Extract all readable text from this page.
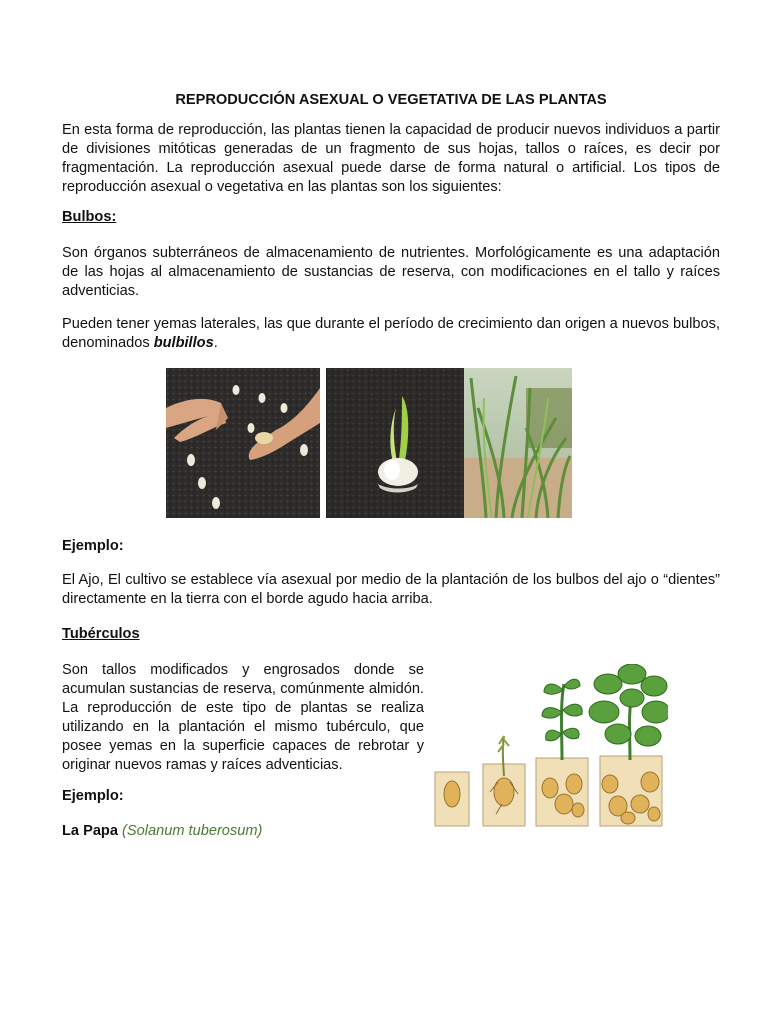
REPRODUCCIÓN ASEXUAL O VEGETATIVA DE LAS PLANTAS

En esta forma de reproducción, las plantas tienen la capacidad de producir nuevos individuos a partir de divisiones mitóticas generadas de un fragmento de sus hojas, tallos o raíces, es decir por fragmentación. La reproducción asexual puede darse de forma natural o artificial. Los tipos de reproducción asexual o vegetativa en las plantas son los siguientes:

Bulbos:

Son órganos subterráneos de almacenamiento de nutrientes. Morfológicamente es una adaptación de las hojas al almacenamiento de sustancias de reserva, con modificaciones en el tallo y raíces adventicias.

Pueden tener yemas laterales, las que durante el período de crecimiento dan origen a nuevos bulbos, denominados bulbillos.

Ejemplo:

El Ajo, El cultivo se establece vía asexual por medio de la plantación de los bulbos del ajo o “dientes” directamente en la tierra con el borde agudo hacia arriba.

Tubérculos

Son tallos modificados y engrosados donde se acumulan sustancias de reserva, comúnmente almidón. La reproducción de este tipo de plantas se realiza utilizando en la plantación el mismo tubérculo, que posee yemas en la superficie capaces de rebrotar y originar nuevos ramas y raíces adventicias.

Ejemplo:

La Papa (Solanum tuberosum)
